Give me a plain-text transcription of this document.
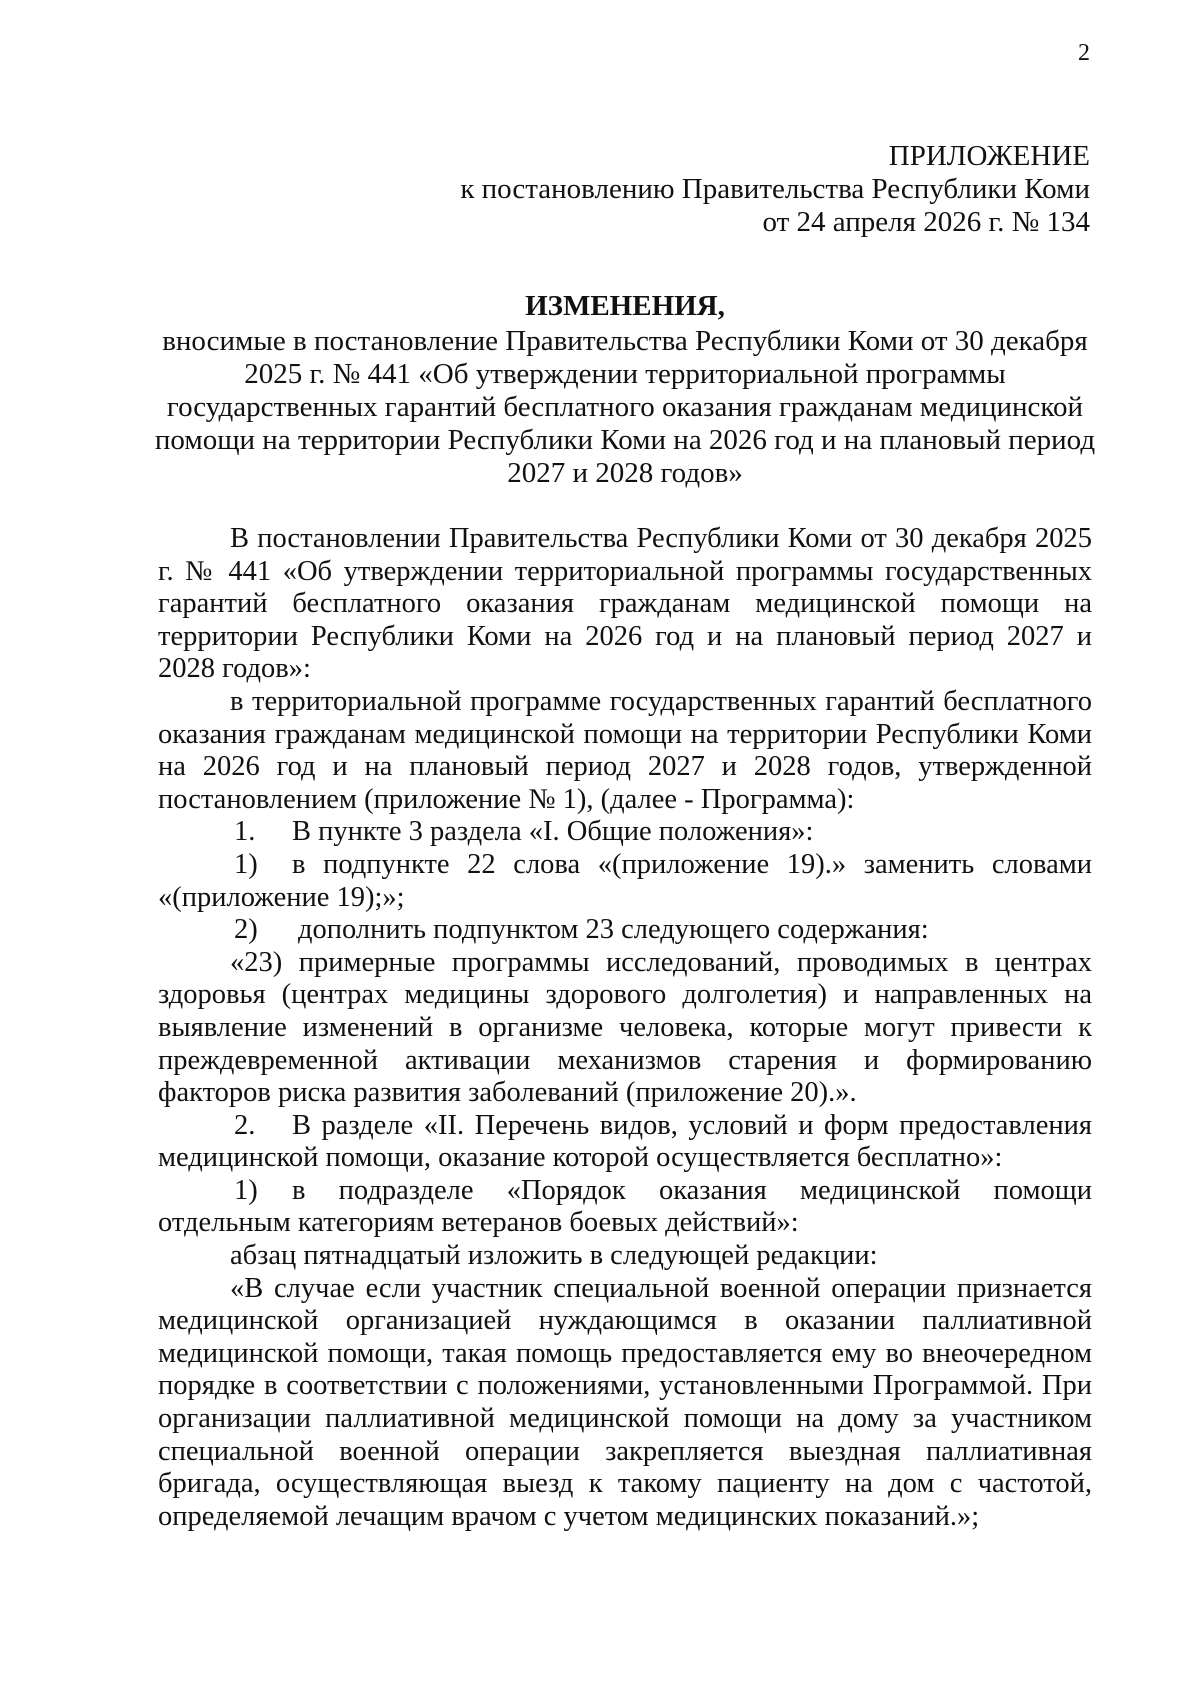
2
ПРИЛОЖЕНИЕ
к постановлению Правительства Республики Коми
от 24 апреля 2026 г. № 134
ИЗМЕНЕНИЯ,
вносимые в постановление Правительства Республики Коми от 30 декабря 2025 г. № 441 «Об утверждении территориальной программы государственных гарантий бесплатного оказания гражданам медицинской помощи на территории Республики Коми на 2026 год и на плановый период 2027 и 2028 годов»

В постановлении Правительства Республики Коми от 30 декабря 2025 г. № 441 «Об утверждении территориальной программы государственных гарантий бесплатного оказания гражданам медицинской помощи на территории Республики Коми на 2026 год и на плановый период 2027 и 2028 годов»:

в территориальной программе государственных гарантий бесплатного оказания гражданам медицинской помощи на территории Республики Коми на 2026 год и на плановый период 2027 и 2028 годов, утвержденной постановлением (приложение № 1), (далее - Программа):

1. В пункте 3 раздела «I. Общие положения»:

1) в подпункте 22 слова «(приложение 19).» заменить словами «(приложение 19);»;

2) дополнить подпунктом 23 следующего содержания:

«23) примерные программы исследований, проводимых в центрах здоровья (центрах медицины здорового долголетия) и направленных на выявление изменений в организме человека, которые могут привести к преждевременной активации механизмов старения и формированию факторов риска развития заболеваний (приложение 20).».

2. В разделе «II. Перечень видов, условий и форм предоставления медицинской помощи, оказание которой осуществляется бесплатно»:

1) в подразделе «Порядок оказания медицинской помощи отдельным категориям ветеранов боевых действий»:

абзац пятнадцатый изложить в следующей редакции:

«В случае если участник специальной военной операции признается медицинской организацией нуждающимся в оказании паллиативной медицинской помощи, такая помощь предоставляется ему во внеочередном порядке в соответствии с положениями, установленными Программой. При организации паллиативной медицинской помощи на дому за участником специальной военной операции закрепляется выездная паллиативная бригада, осуществляющая выезд к такому пациенту на дом с частотой, определяемой лечащим врачом с учетом медицинских показаний.»;
